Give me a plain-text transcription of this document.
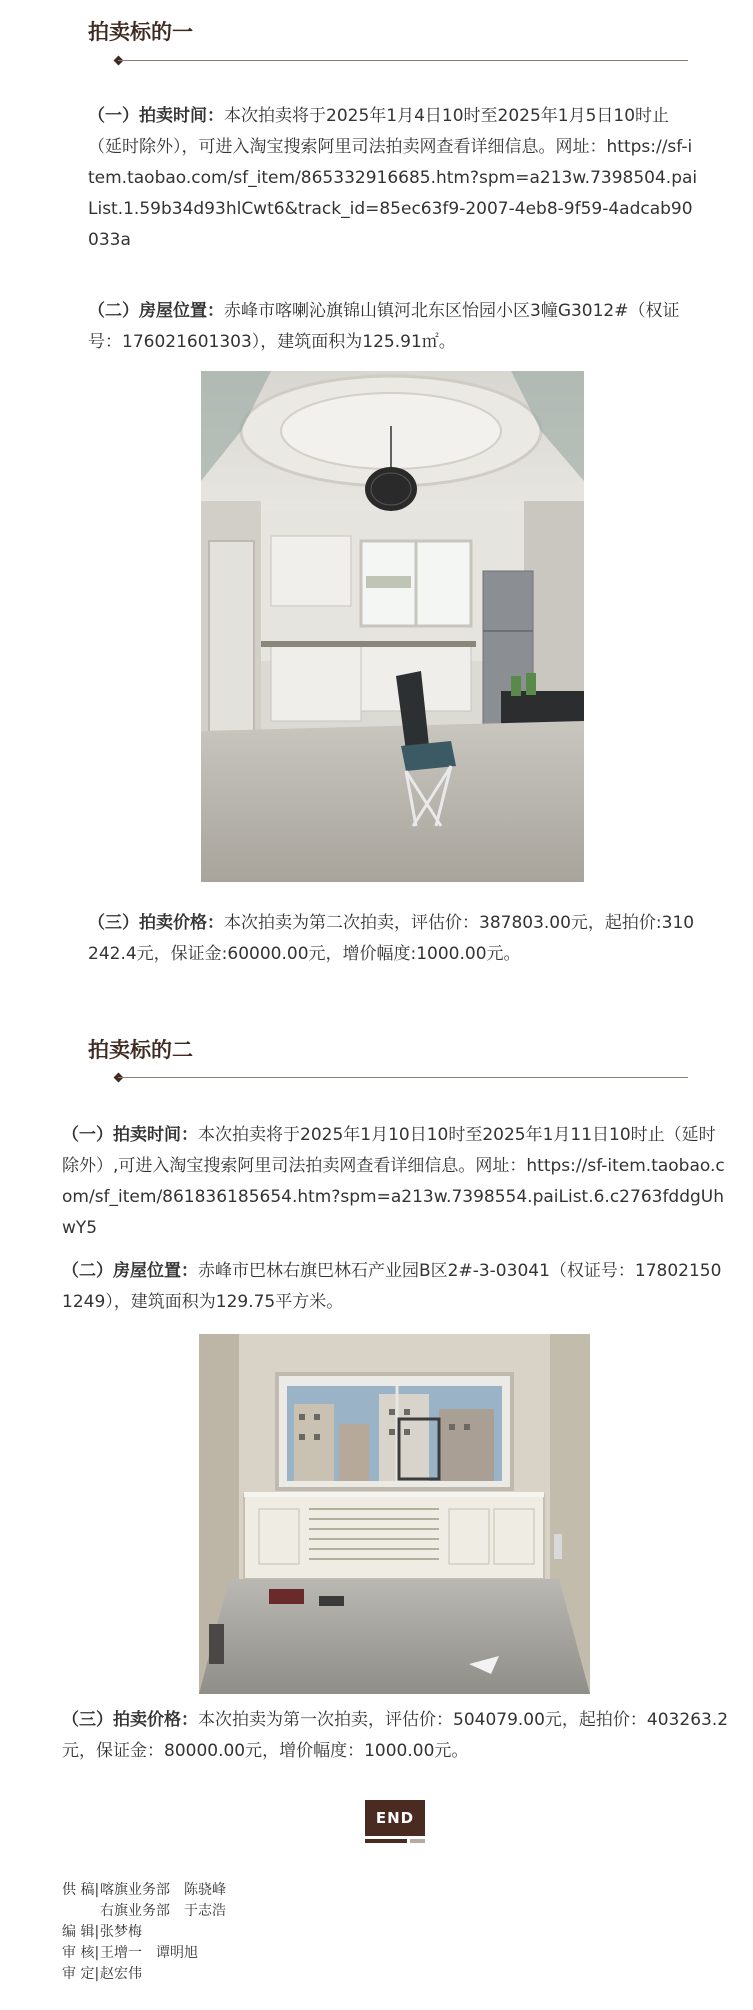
拍卖标的一
（一）拍卖时间：本次拍卖将于2025年1月4日10时至2025年1月5日10时止（延时除外），可进入淘宝搜索阿里司法拍卖网查看详细信息。网址：https://sf-item.taobao.com/sf_item/865332916685.htm?spm=a213w.7398504.paiList.1.59b34d93hlCwt6&track_id=85ec63f9-2007-4eb8-9f59-4adcab90033a
（二）房屋位置：赤峰市喀喇沁旗锦山镇河北东区怡园小区3幢G3012#（权证号：176021601303），建筑面积为125.91㎡。
（三）拍卖价格：本次拍卖为第二次拍卖，评估价：387803.00元，起拍价:310242.4元，保证金:60000.00元，增价幅度:1000.00元。
拍卖标的二
（一）拍卖时间：本次拍卖将于2025年1月10日10时至2025年1月11日10时止（延时除外）,可进入淘宝搜索阿里司法拍卖网查看详细信息。网址：https://sf-item.taobao.com/sf_item/861836185654.htm?spm=a213w.7398554.paiList.6.c2763fddgUhwY5
（二）房屋位置：赤峰市巴林右旗巴林石产业园B区2#-3-03041（权证号：178021501249），建筑面积为129.75平方米。
（三）拍卖价格：本次拍卖为第一次拍卖，评估价：504079.00元，起拍价：403263.2元，保证金：80000.00元，增价幅度：1000.00元。
END
供 稿|喀旗业务部　陈骁峰
右旗业务部　于志浩
编 辑|张梦梅
审 核|王增一　谭明旭
审 定|赵宏伟
